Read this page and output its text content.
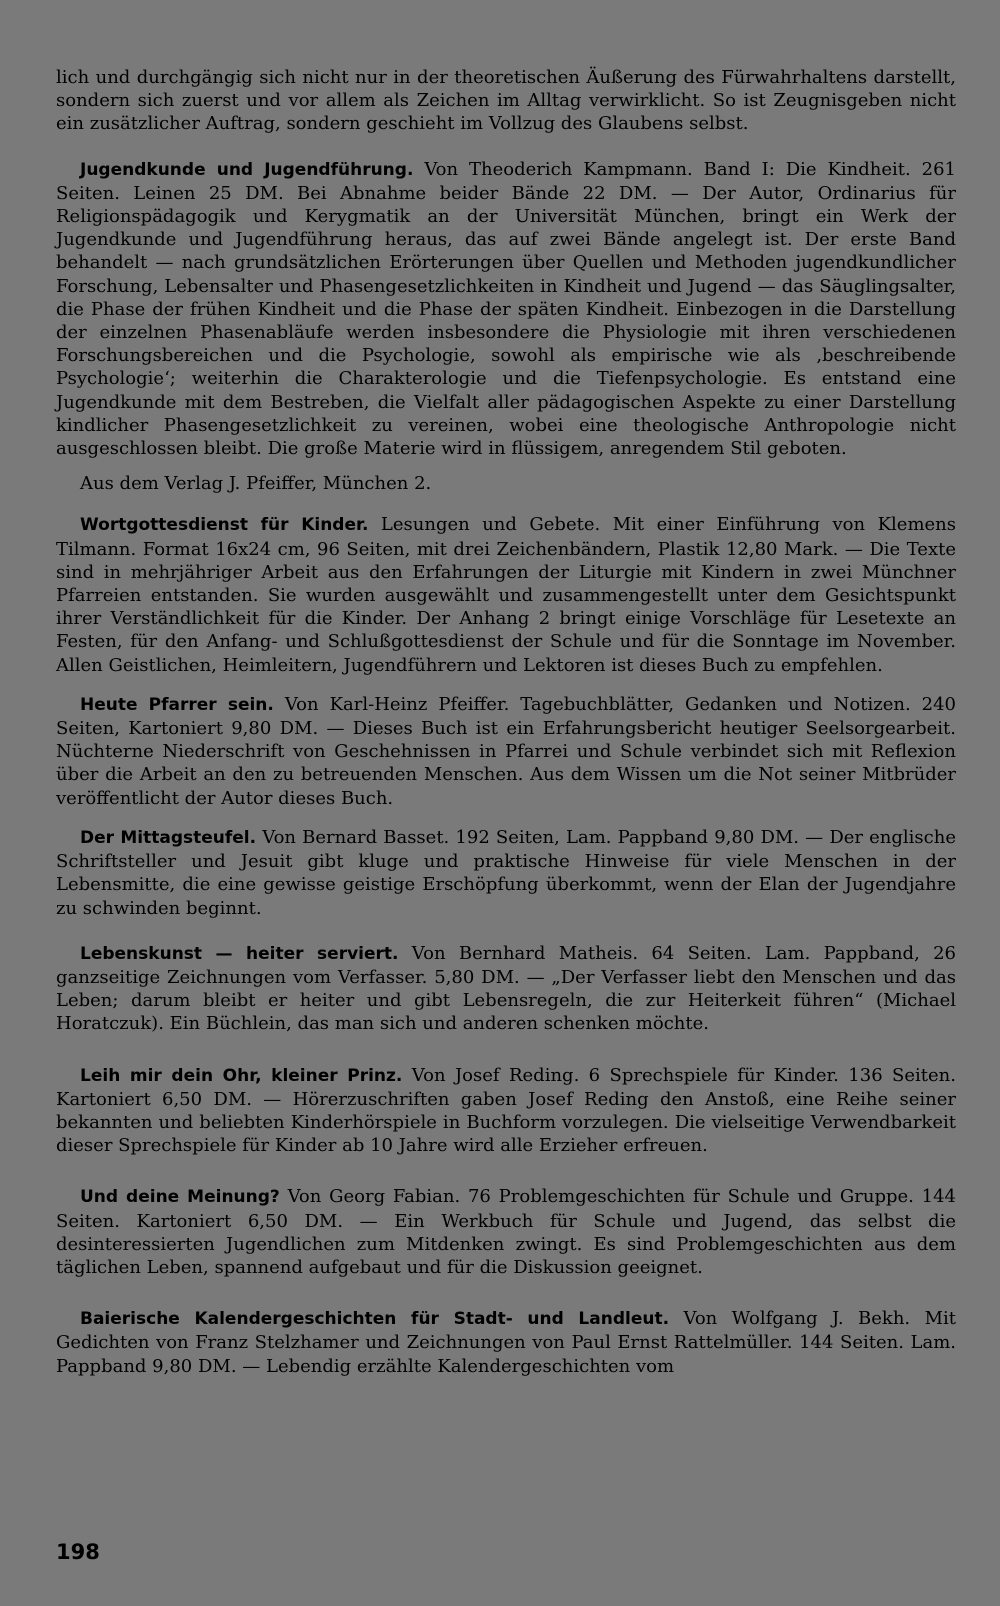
lich und durchgängig sich nicht nur in der theoretischen Äußerung des Fürwahrhaltens darstellt, sondern sich zuerst und vor allem als Zeichen im Alltag verwirklicht. So ist Zeugnisgeben nicht ein zusätzlicher Auftrag, sondern geschieht im Vollzug des Glaubens selbst.

Jugendkunde und Jugendführung. Von Theoderich Kampmann. Band I: Die Kindheit. 261 Seiten. Leinen 25 DM. Bei Abnahme beider Bände 22 DM. — Der Autor, Ordinarius für Religionspädagogik und Kerygmatik an der Universität München, bringt ein Werk der Jugendkunde und Jugendführung heraus, das auf zwei Bände angelegt ist. Der erste Band behandelt — nach grundsätzlichen Erörterungen über Quellen und Methoden jugendkundlicher Forschung, Lebensalter und Phasengesetzlichkeiten in Kindheit und Jugend — das Säuglingsalter, die Phase der frühen Kindheit und die Phase der späten Kindheit. Einbezogen in die Darstellung der einzelnen Phasenabläufe werden insbesondere die Physiologie mit ihren verschiedenen Forschungsbereichen und die Psychologie, sowohl als empirische wie als ‚beschreibende Psychologie‘; weiterhin die Charakterologie und die Tiefenpsychologie. Es entstand eine Jugendkunde mit dem Bestreben, die Vielfalt aller pädagogischen Aspekte zu einer Darstellung kindlicher Phasengesetzlichkeit zu vereinen, wobei eine theologische Anthropologie nicht ausgeschlossen bleibt. Die große Materie wird in flüssigem, anregendem Stil geboten.

Aus dem Verlag J. Pfeiffer, München 2.

Wortgottesdienst für Kinder. Lesungen und Gebete. Mit einer Einführung von Klemens Tilmann. Format 16x24 cm, 96 Seiten, mit drei Zeichenbändern, Plastik 12,80 Mark. — Die Texte sind in mehrjähriger Arbeit aus den Erfahrungen der Liturgie mit Kindern in zwei Münchner Pfarreien entstanden. Sie wurden ausgewählt und zusammengestellt unter dem Gesichtspunkt ihrer Verständlichkeit für die Kinder. Der Anhang 2 bringt einige Vorschläge für Lesetexte an Festen, für den Anfang- und Schlußgottesdienst der Schule und für die Sonntage im November. Allen Geistlichen, Heimleitern, Jugendführern und Lektoren ist dieses Buch zu empfehlen.

Heute Pfarrer sein. Von Karl-Heinz Pfeiffer. Tagebuchblätter, Gedanken und Notizen. 240 Seiten, Kartoniert 9,80 DM. — Dieses Buch ist ein Erfahrungsbericht heutiger Seelsorgearbeit. Nüchterne Niederschrift von Geschehnissen in Pfarrei und Schule verbindet sich mit Reflexion über die Arbeit an den zu betreuenden Menschen. Aus dem Wissen um die Not seiner Mitbrüder veröffentlicht der Autor dieses Buch.

Der Mittagsteufel. Von Bernard Basset. 192 Seiten, Lam. Pappband 9,80 DM. — Der englische Schriftsteller und Jesuit gibt kluge und praktische Hinweise für viele Menschen in der Lebensmitte, die eine gewisse geistige Erschöpfung überkommt, wenn der Elan der Jugendjahre zu schwinden beginnt.

Lebenskunst — heiter serviert. Von Bernhard Matheis. 64 Seiten. Lam. Pappband, 26 ganzseitige Zeichnungen vom Verfasser. 5,80 DM. — „Der Verfasser liebt den Menschen und das Leben; darum bleibt er heiter und gibt Lebensregeln, die zur Heiterkeit führen“ (Michael Horatczuk). Ein Büchlein, das man sich und anderen schenken möchte.

Leih mir dein Ohr, kleiner Prinz. Von Josef Reding. 6 Sprechspiele für Kinder. 136 Seiten. Kartoniert 6,50 DM. — Hörerzuschriften gaben Josef Reding den Anstoß, eine Reihe seiner bekannten und beliebten Kinderhörspiele in Buchform vorzulegen. Die vielseitige Verwendbarkeit dieser Sprechspiele für Kinder ab 10 Jahre wird alle Erzieher erfreuen.

Und deine Meinung? Von Georg Fabian. 76 Problemgeschichten für Schule und Gruppe. 144 Seiten. Kartoniert 6,50 DM. — Ein Werkbuch für Schule und Jugend, das selbst die desinteressierten Jugendlichen zum Mitdenken zwingt. Es sind Problemgeschichten aus dem täglichen Leben, spannend aufgebaut und für die Diskussion geeignet.

Baierische Kalendergeschichten für Stadt- und Landleut. Von Wolfgang J. Bekh. Mit Gedichten von Franz Stelzhamer und Zeichnungen von Paul Ernst Rattelmüller. 144 Seiten. Lam. Pappband 9,80 DM. — Lebendig erzählte Kalendergeschichten vom

198
